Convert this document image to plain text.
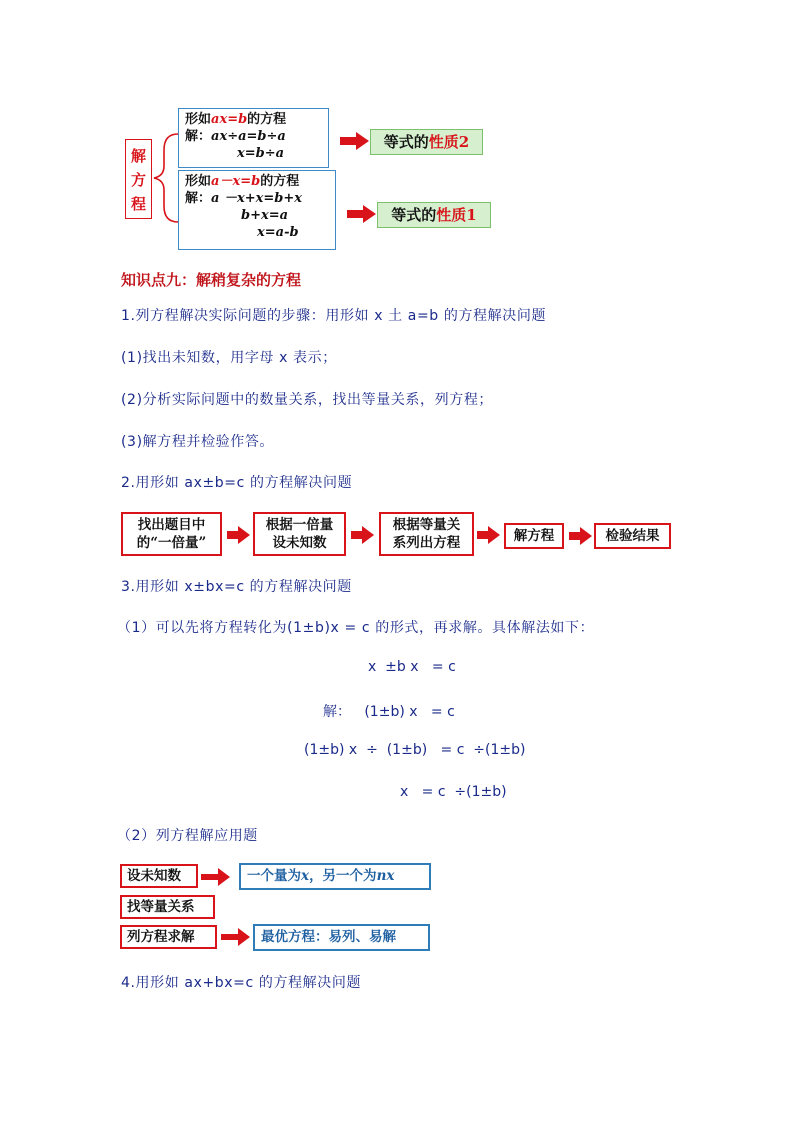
解
方
程
形如ax=b的方程
解：ax÷a=b÷a
x=b÷a
形如a－x=b的方程
解：a －x+x=b+x
b+x=a
x=a-b
等式的性质2
等式的性质1
知识点九：解稍复杂的方程
1.列方程解决实际问题的步骤：用形如 x 土 a=b 的方程解决问题
(1)找出未知数，用字母 x 表示；
(2)分析实际问题中的数量关系，找出等量关系，列方程；
(3)解方程并检验作答。
2.用形如 ax±b=c 的方程解决问题
找出题目中
的“一倍量”
根据一倍量
设未知数
根据等量关
系列出方程	解方程	检验结果
3.用形如 x±bx=c 的方程解决问题
（1）可以先将方程转化为(1±b)x = c 的形式，再求解。具体解法如下：
x  ±b x   = c
解：   (1±b) x   = c
(1±b) x  ÷  (1±b)   = c  ÷(1±b)
x   = c  ÷(1±b)
（2）列方程解应用题
设未知数	一个量为x，另一个为nx
找等量关系
列方程求解	最优方程：易列、易解
4.用形如 ax+bx=c 的方程解决问题
